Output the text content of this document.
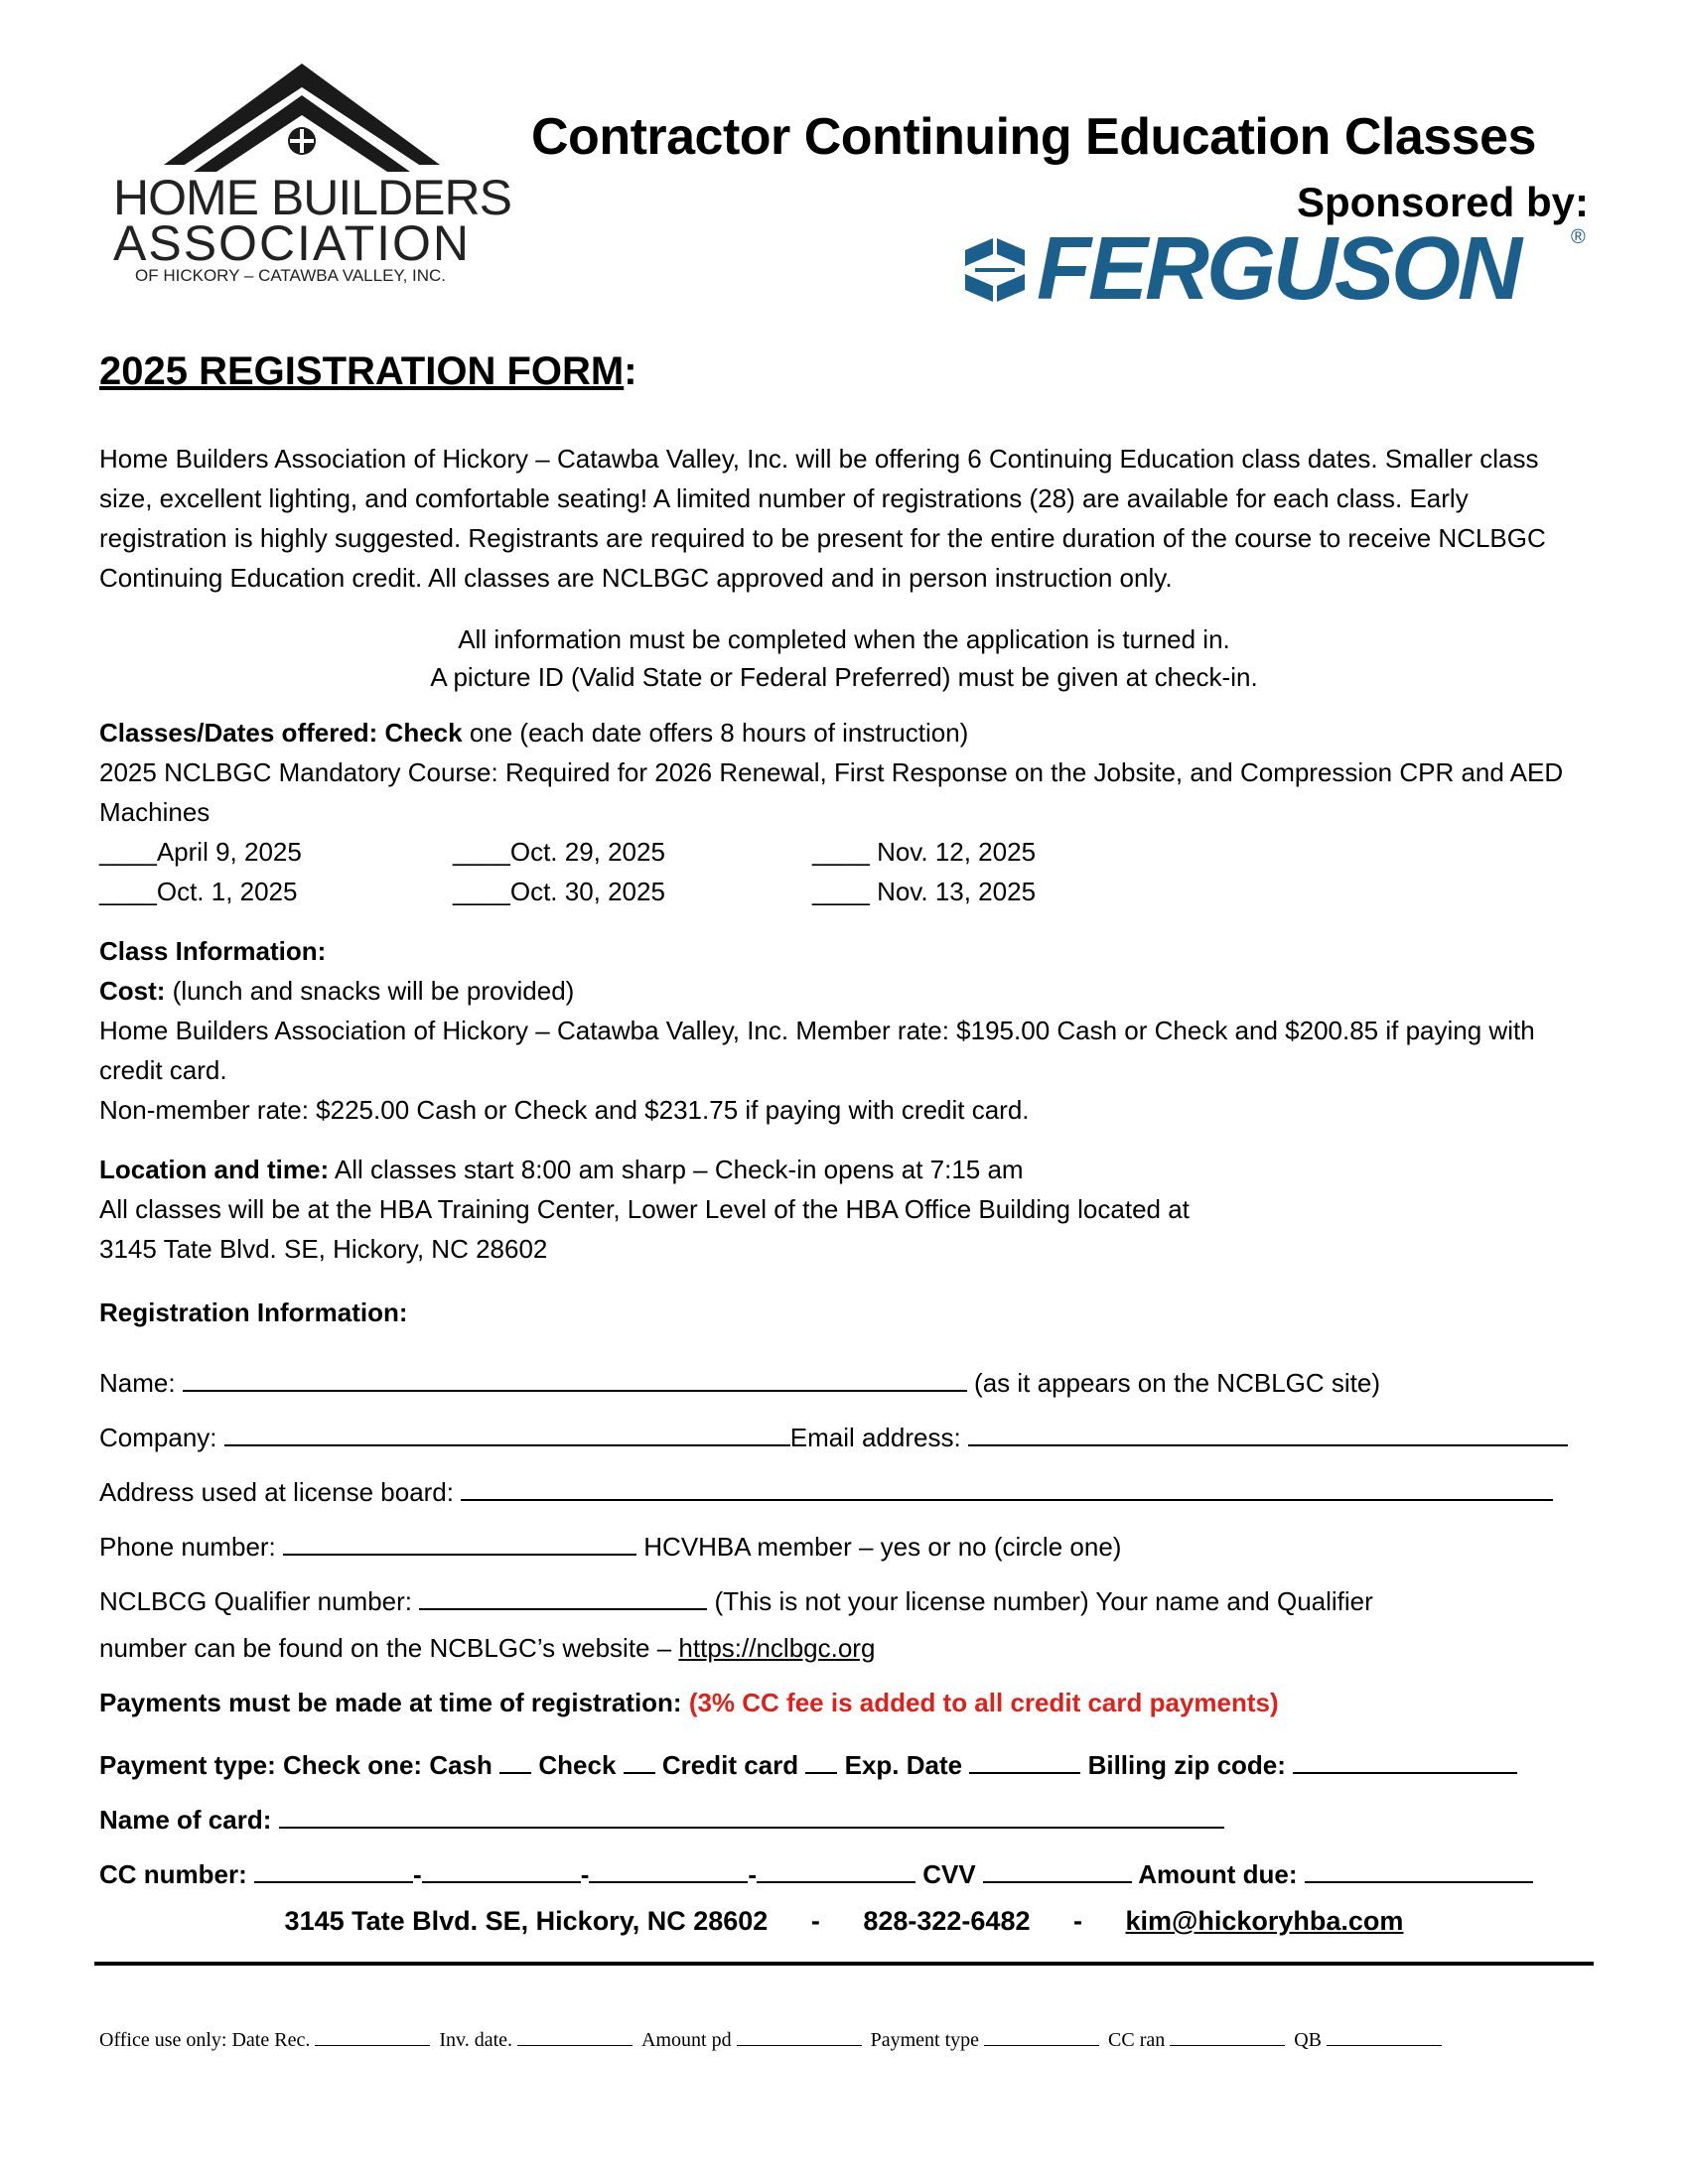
HOME BUILDERS
ASSOCIATION
OF HICKORY – CATAWBA VALLEY, INC.
Contractor Continuing Education Classes
Sponsored by:
FERGUSON	®
2025 REGISTRATION FORM:
Home Builders Association of Hickory – Catawba Valley, Inc. will be offering 6 Continuing Education class dates. Smaller class size, excellent lighting, and comfortable seating! A limited number of registrations (28) are available for each class. Early registration is highly suggested. Registrants are required to be present for the entire duration of the course to receive NCLBGC Continuing Education credit. All classes are NCLBGC approved and in person instruction only.
All information must be completed when the application is turned in.
A picture ID (Valid State or Federal Preferred) must be given at check-in.
Classes/Dates offered: Check one (each date offers 8 hours of instruction)
2025 NCLBGC Mandatory Course: Required for 2026 Renewal, First Response on the Jobsite, and Compression CPR and AED Machines
____April 9, 2025	____Oct. 29, 2025	____ Nov. 12, 2025
____Oct. 1, 2025	____Oct. 30, 2025	____ Nov. 13, 2025
Class Information:
Cost: (lunch and snacks will be provided)
Home Builders Association of Hickory – Catawba Valley, Inc. Member rate: $195.00 Cash or Check and $200.85 if paying with credit card.
Non-member rate: $225.00 Cash or Check and $231.75 if paying with credit card.
Location and time: All classes start 8:00 am sharp – Check-in opens at 7:15 am
All classes will be at the HBA Training Center, Lower Level of the HBA Office Building located at
3145 Tate Blvd. SE, Hickory, NC 28602
Registration Information:
Name:	(as it appears on the NCBLGC site)
Company:	Email address:
Address used at license board:
Phone number:	HCVHBA member – yes or no (circle one)
NCLBCG Qualifier number:	(This is not your license number) Your name and Qualifier
number can be found on the NCBLGC’s website – https://nclbgc.org
Payments must be made at time of registration: (3% CC fee is added to all credit card payments)
Payment type: Check one: Cash Check Credit card Exp. Date	Billing zip code:
Name of card:
CC number:	-	-	-	CVV	Amount due:
3145 Tate Blvd. SE, Hickory, NC 28602 - 828-322-6482 - kim@hickoryhba.com
Office use only: Date Rec.	Inv. date.	Amount pd	Payment type	CC ran	QB
